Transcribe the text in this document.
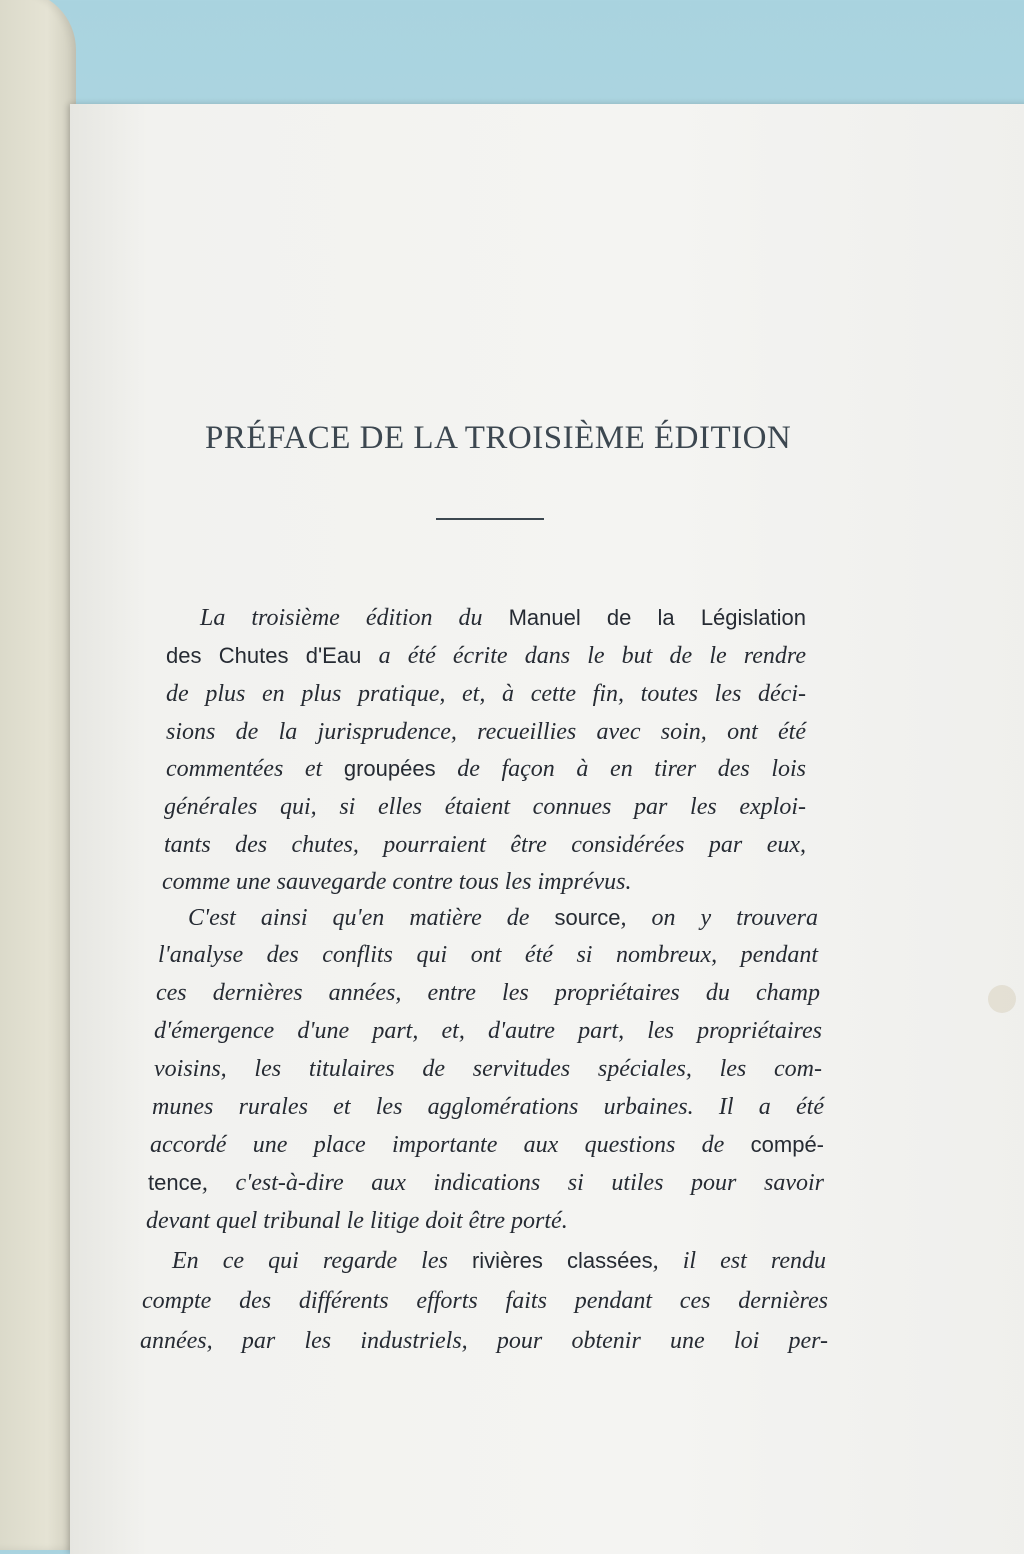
PRÉFACE DE LA TROISIÈME ÉDITION
La troisième édition du Manuel de la Législation
des Chutes d'Eau a été écrite dans le but de le rendre
de plus en plus pratique, et, à cette fin, toutes les déci-
sions de la jurisprudence, recueillies avec soin, ont été
commentées et groupées de façon à en tirer des lois
générales qui, si elles étaient connues par les exploi-
tants des chutes, pourraient être considérées par eux,
comme une sauvegarde contre tous les imprévus.
C'est ainsi qu'en matière de source, on y trouvera
l'analyse des conflits qui ont été si nombreux, pendant
ces dernières années, entre les propriétaires du champ
d'émergence d'une part, et, d'autre part, les propriétaires
voisins, les titulaires de servitudes spéciales, les com-
munes rurales et les agglomérations urbaines. Il a été
accordé une place importante aux questions de compé-
tence, c'est-à-dire aux indications si utiles pour savoir
devant quel tribunal le litige doit être porté.
En ce qui regarde les rivières classées, il est rendu
compte des différents efforts faits pendant ces dernières
années, par les industriels, pour obtenir une loi per-
